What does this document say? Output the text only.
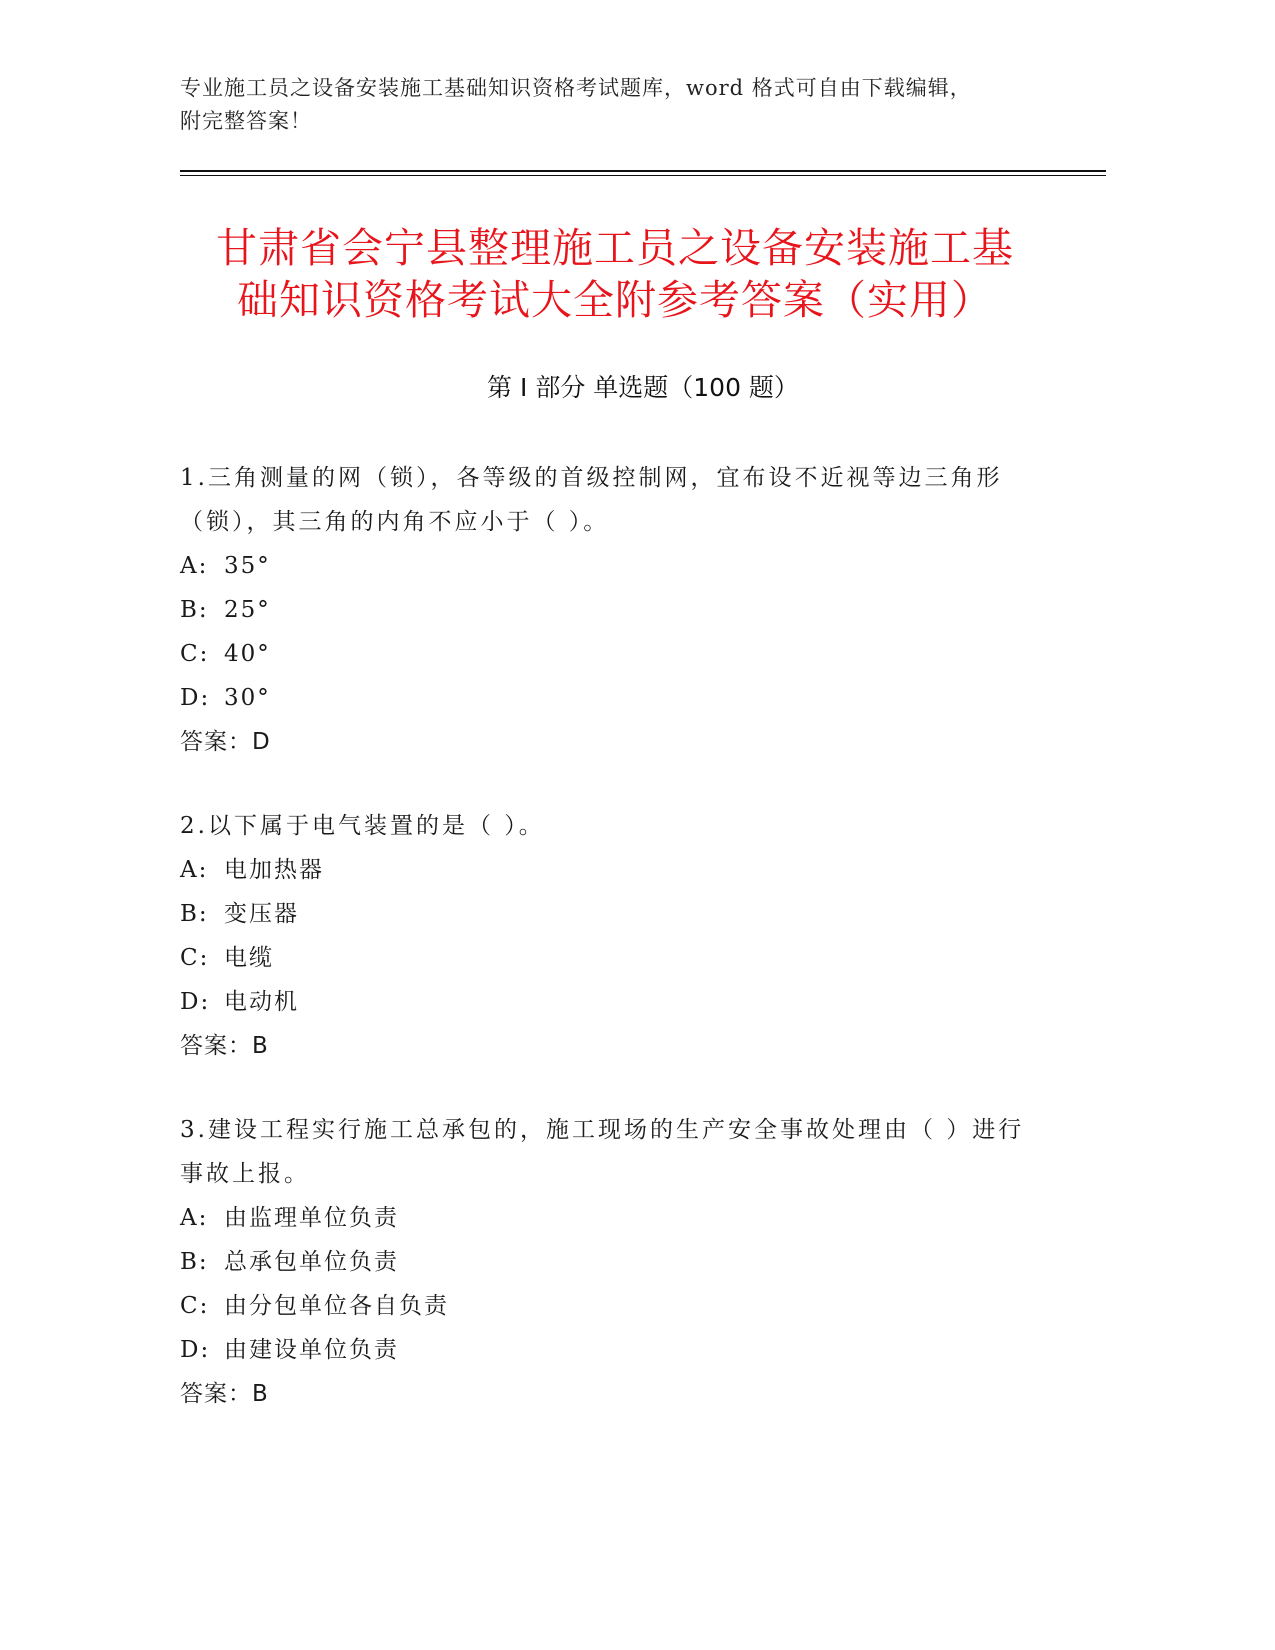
专业施工员之设备安装施工基础知识资格考试题库，word 格式可自由下载编辑，
附完整答案！
甘肃省会宁县整理施工员之设备安装施工基
础知识资格考试大全附参考答案（实用）
第 I 部分 单选题（100 题）

1.三角测量的网（锁），各等级的首级控制网，宜布设不近视等边三角形（锁），其三角的内角不应小于（ ）。

A: 35°

B: 25°

C: 40°

D: 30°

答案：D

2.以下属于电气装置的是（ ）。

A: 电加热器

B: 变压器

C: 电缆

D: 电动机

答案：B

3.建设工程实行施工总承包的，施工现场的生产安全事故处理由（ ）进行事故上报。

A: 由监理单位负责

B: 总承包单位负责

C: 由分包单位各自负责

D: 由建设单位负责

答案：B
